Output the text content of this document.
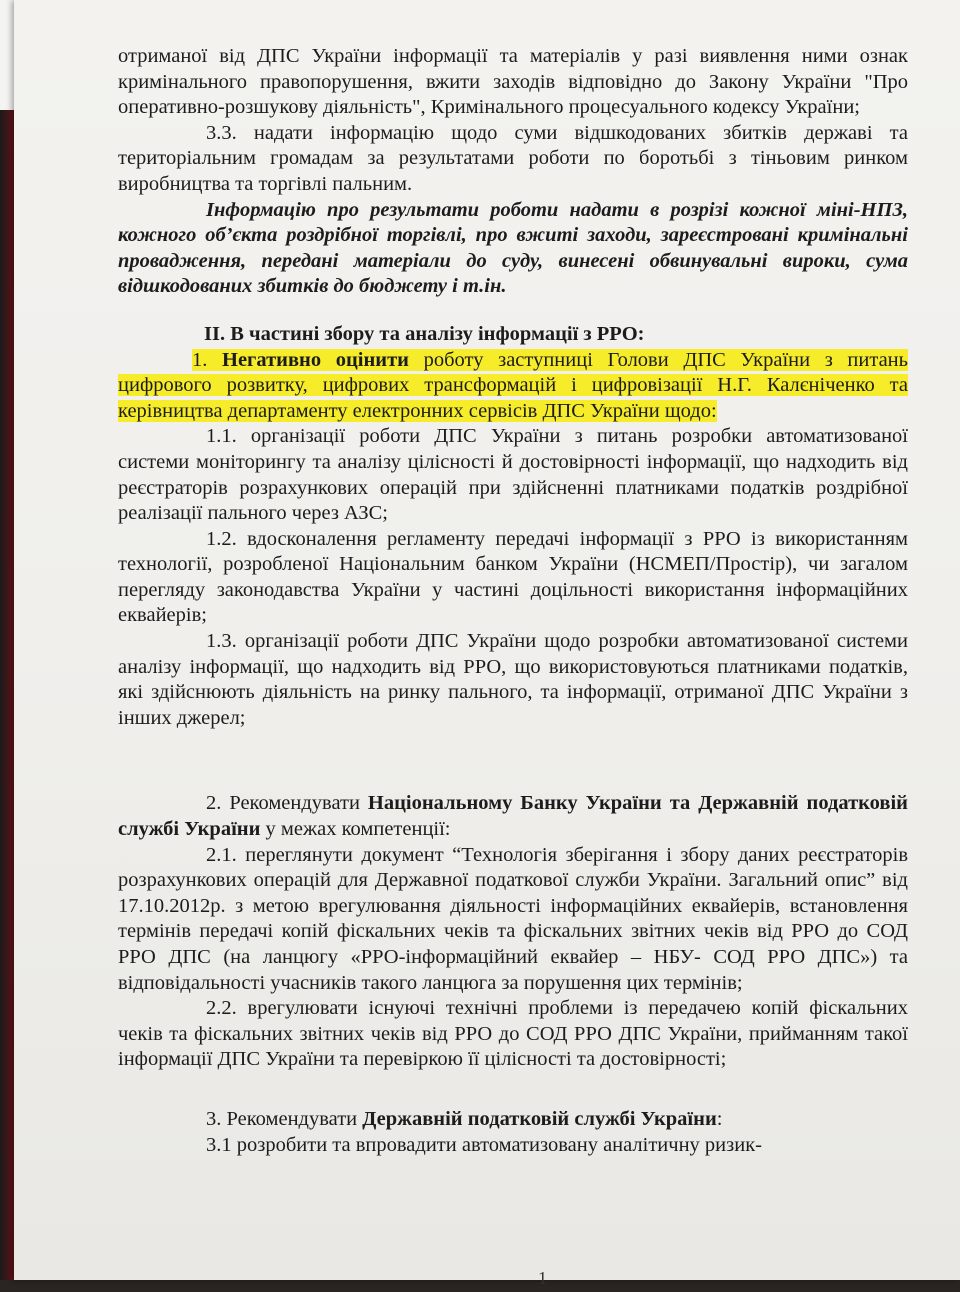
отриманої від ДПС України інформації та матеріалів у разі виявлення ними ознак кримінального правопорушення, вжити заходів відповідно до Закону України "Про оперативно-розшукову діяльність", Кримінального процесуального кодексу України;

3.3. надати інформацію щодо суми відшкодованих збитків державі та територіальним громадам за результатами роботи по боротьбі з тіньовим ринком виробництва та торгівлі пальним.

Інформацію про результати роботи надати в розрізі кожної міні-НПЗ, кожного об’єкта роздрібної торгівлі, про вжиті заходи, зареєстровані кримінальні провадження, передані матеріали до суду, винесені обвинувальні вироки, сума відшкодованих збитків до бюджету і т.ін.

ІІ. В частині збору та аналізу інформації з РРО:

1. Негативно оцінити роботу заступниці Голови ДПС України з питань цифрового розвитку, цифрових трансформацій і цифровізації Н.Г. Калєніченко та керівництва департаменту електронних сервісів ДПС України щодо:

1.1. організації роботи ДПС України з питань розробки автоматизованої системи моніторингу та аналізу цілісності й достовірності інформації, що надходить від реєстраторів розрахункових операцій при здійсненні платниками податків роздрібної реалізації пального через АЗС;

1.2. вдосконалення регламенту передачі інформації з РРО із використанням технології, розробленої Національним банком України (НСМЕП/Простір), чи загалом перегляду законодавства України у частині доцільності використання інформаційних еквайерів;

1.3. організації роботи ДПС України щодо розробки автоматизованої системи аналізу інформації, що надходить від РРО, що використовуються платниками податків, які здійснюють діяльність на ринку пального, та інформації, отриманої ДПС України з інших джерел;

2. Рекомендувати Національному Банку України та Державній податковій службі України у межах компетенції:

2.1. переглянути документ “Технологія зберігання і збору даних реєстраторів розрахункових операцій для Державної податкової служби України. Загальний опис” від 17.10.2012р. з метою врегулювання діяльності інформаційних еквайерів, встановлення термінів передачі копій фіскальних чеків та фіскальних звітних чеків від РРО до СОД РРО ДПС (на ланцюгу «РРО-інформаційний еквайер – НБУ- СОД РРО ДПС») та відповідальності учасників такого ланцюга за порушення цих термінів;

2.2. врегулювати існуючі технічні проблеми із передачею копій фіскальних чеків та фіскальних звітних чеків від РРО до СОД РРО ДПС України, прийманням такої інформації ДПС України та перевіркою її цілісності та достовірності;

3. Рекомендувати Державній податковій службі України:

3.1 розробити та впровадити автоматизовану аналітичну ризик-

1
